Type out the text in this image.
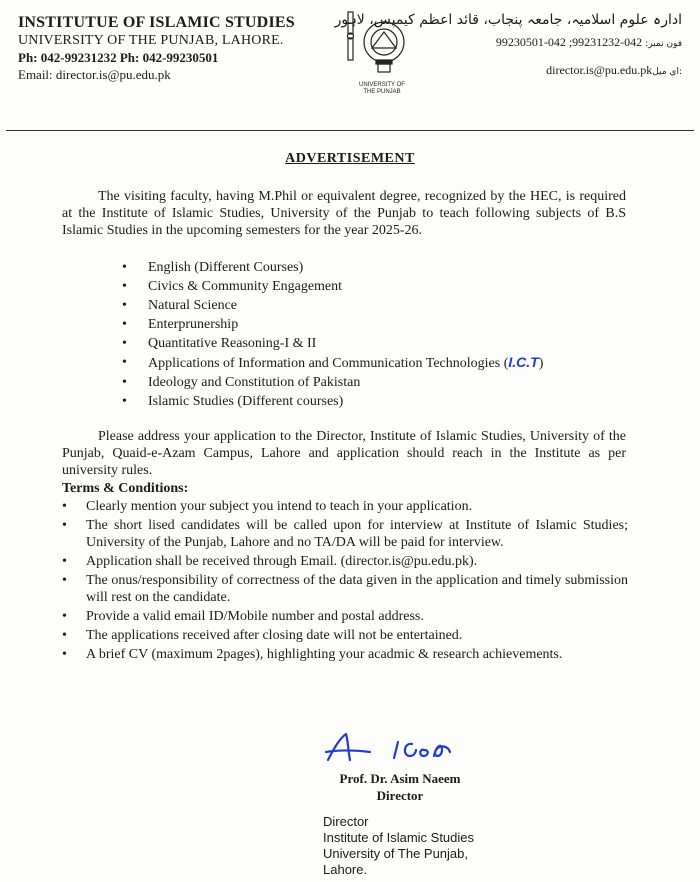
INSTITUTUE OF ISLAMIC STUDIES
UNIVERSITY OF THE PUNJAB, LAHORE.
Ph: 042-99231232 Ph: 042-99230501
Email: director.is@pu.edu.pk
UNIVERSITY OF
THE PUNJAB
ادارہ علوم اسلامیہ، جامعہ پنجاب، قائد اعظم کیمپس، لاہور
فون نمبر: 042-99231232; 042-99230501
director.is@pu.edu.pkای میل:
ADVERTISEMENT

The visiting faculty, having M.Phil or equivalent degree, recognized by the HEC, is required at the Institute of Islamic Studies, University of the Punjab to teach following subjects of B.S Islamic Studies in the upcoming semesters for the year 2025-26.

• English (Different Courses)
• Civics & Community Engagement
• Natural Science
• Enterprunership
• Quantitative Reasoning-I & II
• Applications of Information and Communication Technologies (I.C.T)
• Ideology and Constitution of Pakistan
• Islamic Studies (Different courses)

Please address your application to the Director, Institute of Islamic Studies, University of the Punjab, Quaid-e-Azam Campus, Lahore and application should reach in the Institute as per university rules.

Terms & Conditions:
• Clearly mention your subject you intend to teach in your application.
• The short lised candidates will be called upon for interview at Institute of Islamic Studies; University of the Punjab, Lahore and no TA/DA will be paid for interview.
• Application shall be received through Email. (director.is@pu.edu.pk).
• The onus/responsibility of correctness of the data given in the application and timely submission will rest on the candidate.
• Provide a valid email ID/Mobile number and postal address.
• The applications received after closing date will not be entertained.
• A brief CV (maximum 2pages), highlighting your acadmic & research achievements.
Prof. Dr. Asim Naeem
Director
Director
Institute of Islamic Studies
University of The Punjab,
Lahore.
